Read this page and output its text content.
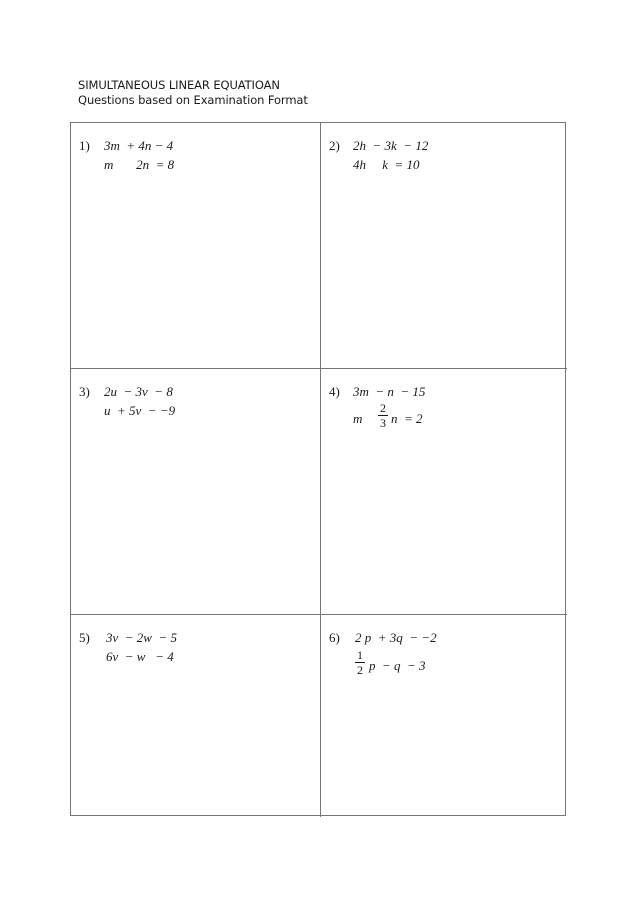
SIMULTANEOUS LINEAR EQUATIOAN
Questions based on Examination Format
1) 3m  + 4n − 4
m       2n  = 8
2) 2h  − 3k  − 12
4h     k  = 10
3) 2u  − 3v  − 8
u  + 5v  − −9
4) 3m  − n  − 15
m
2
3 n  = 2
5) 3v  − 2w  − 5
6v  − w   − 4
6) 2 p  + 3q  − −2
1
2 p  − q  − 3
